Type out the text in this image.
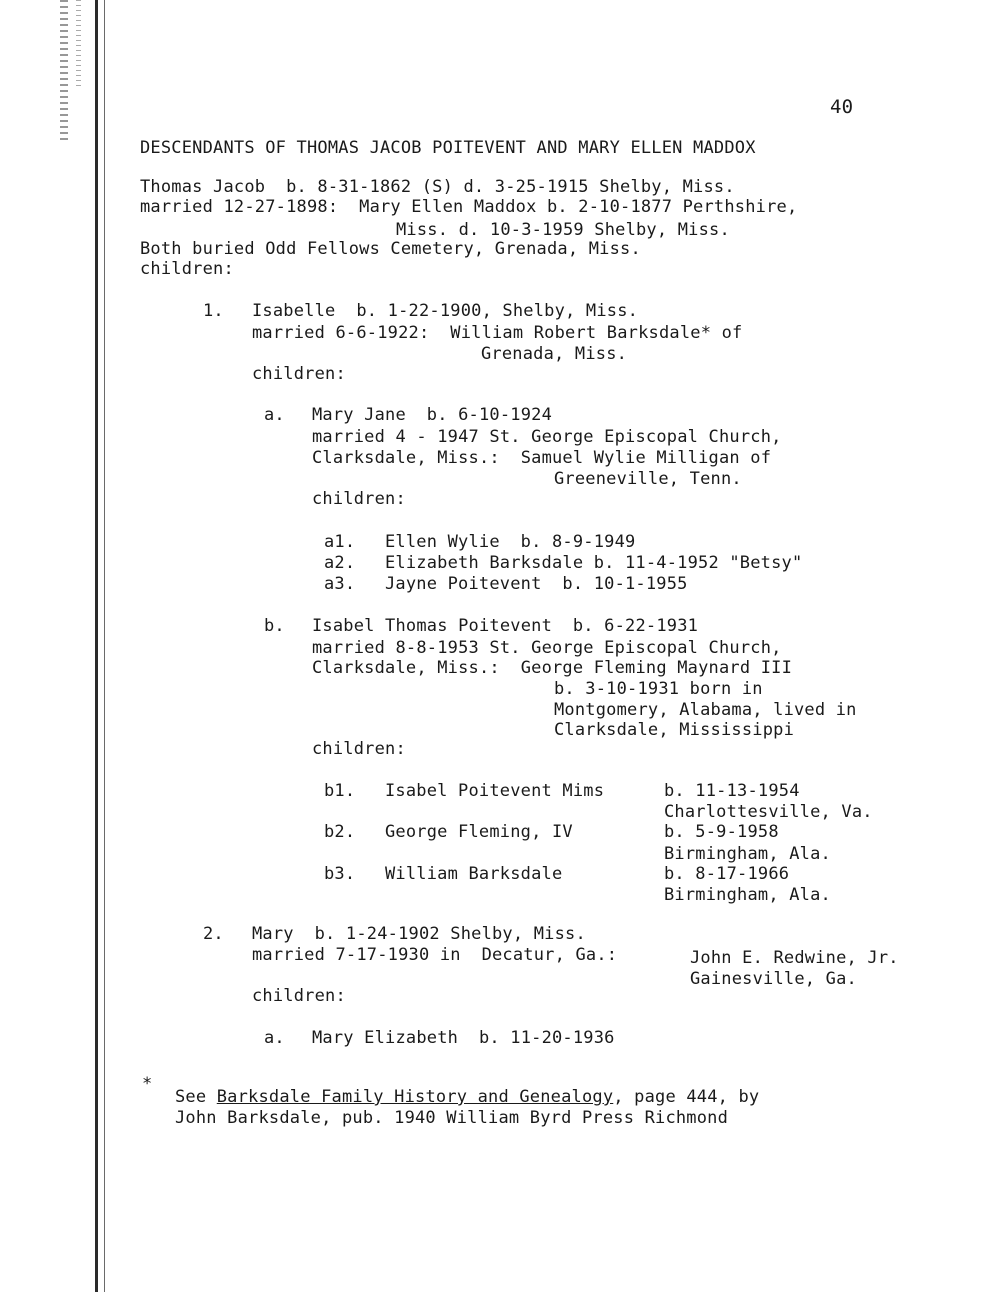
40
DESCENDANTS OF THOMAS JACOB POITEVENT AND MARY ELLEN MADDOX
Thomas Jacob  b. 8-31-1862 (S) d. 3-25-1915 Shelby, Miss.
married 12-27-1898:  Mary Ellen Maddox b. 2-10-1877 Perthshire,
Miss. d. 10-3-1959 Shelby, Miss.
Both buried Odd Fellows Cemetery, Grenada, Miss.
children:
1. Isabelle  b. 1-22-1900, Shelby, Miss.
married 6-6-1922:  William Robert Barksdale* of
Grenada, Miss.
children:
a. Mary Jane  b. 6-10-1924
married 4 - 1947 St. George Episcopal Church,
Clarksdale, Miss.:  Samuel Wylie Milligan of
Greeneville, Tenn.
children:
a1. Ellen Wylie  b. 8-9-1949
a2. Elizabeth Barksdale b. 11-4-1952 "Betsy"
a3. Jayne Poitevent  b. 10-1-1955
b. Isabel Thomas Poitevent  b. 6-22-1931
married 8-8-1953 St. George Episcopal Church,
Clarksdale, Miss.:  George Fleming Maynard III
b. 3-10-1931 born in
Montgomery, Alabama, lived in
Clarksdale, Mississippi
children:
b1. Isabel Poitevent Mims	b. 11-13-1954
Charlottesville, Va.
b2. George Fleming, IV	b. 5-9-1958
Birmingham, Ala.
b3. William Barksdale	b. 8-17-1966
Birmingham, Ala.
2. Mary  b. 1-24-1902 Shelby, Miss.
married 7-17-1930 in  Decatur, Ga.:	John E. Redwine, Jr.
Gainesville, Ga.
children:
a. Mary Elizabeth  b. 11-20-1936
*
See Barksdale Family History and Genealogy, page 444, by
John Barksdale, pub. 1940 William Byrd Press Richmond
